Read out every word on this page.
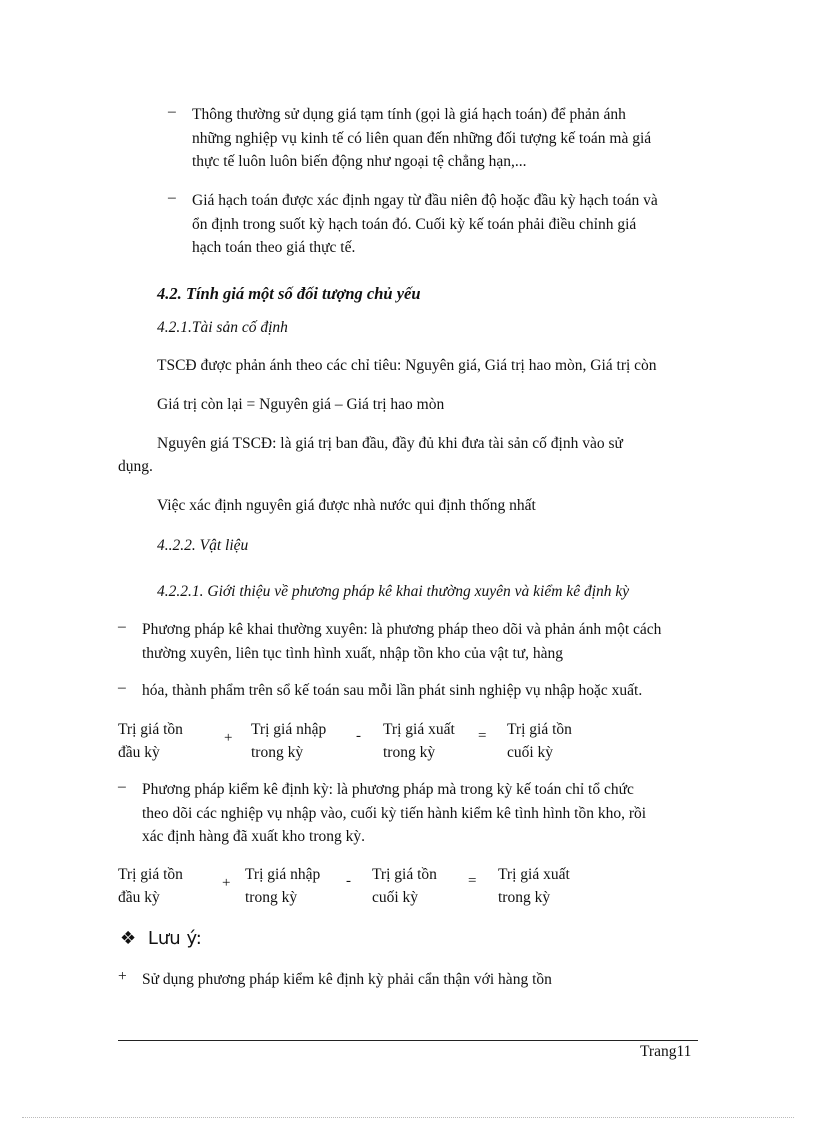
– Thông thường sử dụng giá tạm tính (gọi là giá hạch toán) để phản ánh
những nghiệp vụ kinh tế có liên quan đến những đối tượng kế toán mà giá
thực tế luôn luôn biến động như ngoại tệ chẳng hạn,...
– Giá hạch toán được xác định ngay từ đầu niên độ hoặc đầu kỳ hạch toán và
ổn định trong suốt kỳ hạch toán đó. Cuối kỳ kế toán phải điều chỉnh giá
hạch toán theo giá thực tế.
4.2. Tính giá một số đối tượng chủ yếu
4.2.1.Tài sản cố định
TSCĐ được phản ánh theo các chỉ tiêu: Nguyên giá, Giá trị hao mòn, Giá trị còn
Giá trị còn lại = Nguyên giá – Giá trị hao mòn
Nguyên giá TSCĐ: là giá trị ban đầu, đầy đủ khi đưa tài sản cố định vào sử
dụng.
Việc xác định nguyên giá được nhà nước qui định thống nhất
4..2.2. Vật liệu
4.2.2.1. Giới thiệu về phương pháp kê khai thường xuyên và kiểm kê định kỳ
– Phương pháp kê khai thường xuyên: là phương pháp theo dõi và phản ánh một cách
thường xuyên, liên tục tình hình xuất, nhập tồn kho của vật tư, hàng
– hóa, thành phẩm trên sổ kế toán sau mỗi lần phát sinh nghiệp vụ nhập hoặc xuất.
Trị giá tồn
đầu kỳ
+ Trị giá nhập
trong kỳ
- Trị giá xuất
trong kỳ
= Trị giá tồn
cuối kỳ
– Phương pháp kiểm kê định kỳ: là phương pháp mà trong kỳ kế toán chỉ tổ chức
theo dõi các nghiệp vụ nhập vào, cuối kỳ tiến hành kiểm kê tình hình tồn kho, rồi
xác định hàng đã xuất kho trong kỳ.
Trị giá tồn
đầu kỳ
+ Trị giá nhập
trong kỳ
- Trị giá tồn
cuối kỳ
= Trị giá xuất
trong kỳ
❖ Lưu ý:
+ Sử dụng phương pháp kiểm kê định kỳ phải cẩn thận với hàng tồn
Trang11
